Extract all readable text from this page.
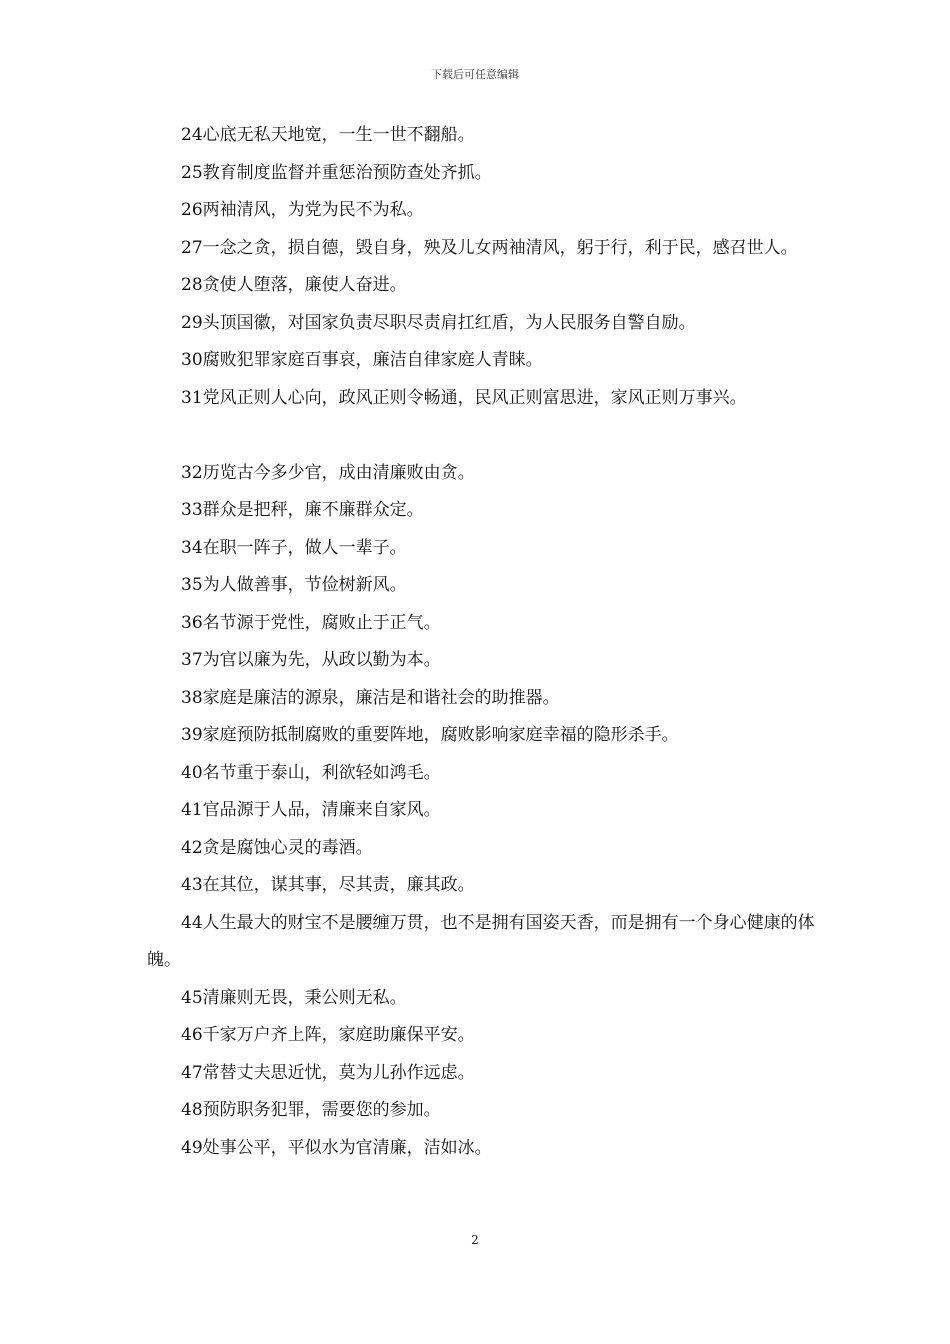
下载后可任意编辑

24心底无私天地宽，一生一世不翻船。

25教育制度监督并重惩治预防查处齐抓。

26两袖清风，为党为民不为私。

27一念之贪，损自德，毁自身，殃及儿女两袖清风，躬于行，利于民，感召世人。

28贪使人堕落，廉使人奋进。

29头顶国徽，对国家负责尽职尽责肩扛红盾，为人民服务自警自励。

30腐败犯罪家庭百事哀，廉洁自律家庭人青睐。

31党风正则人心向，政风正则令畅通，民风正则富思进，家风正则万事兴。

32历览古今多少官，成由清廉败由贪。

33群众是把秤，廉不廉群众定。

34在职一阵子，做人一辈子。

35为人做善事，节俭树新风。

36名节源于党性，腐败止于正气。

37为官以廉为先，从政以勤为本。

38家庭是廉洁的源泉，廉洁是和谐社会的助推器。

39家庭预防抵制腐败的重要阵地，腐败影响家庭幸福的隐形杀手。

40名节重于泰山，利欲轻如鸿毛。

41官品源于人品，清廉来自家风。

42贪是腐蚀心灵的毒酒。

43在其位，谋其事，尽其责，廉其政。

44人生最大的财宝不是腰缠万贯，也不是拥有国姿天香，而是拥有一个身心健康的体魄。

45清廉则无畏，秉公则无私。

46千家万户齐上阵，家庭助廉保平安。

47常替丈夫思近忧，莫为儿孙作远虑。

48预防职务犯罪，需要您的参加。

49处事公平，平似水为官清廉，洁如冰。

2
